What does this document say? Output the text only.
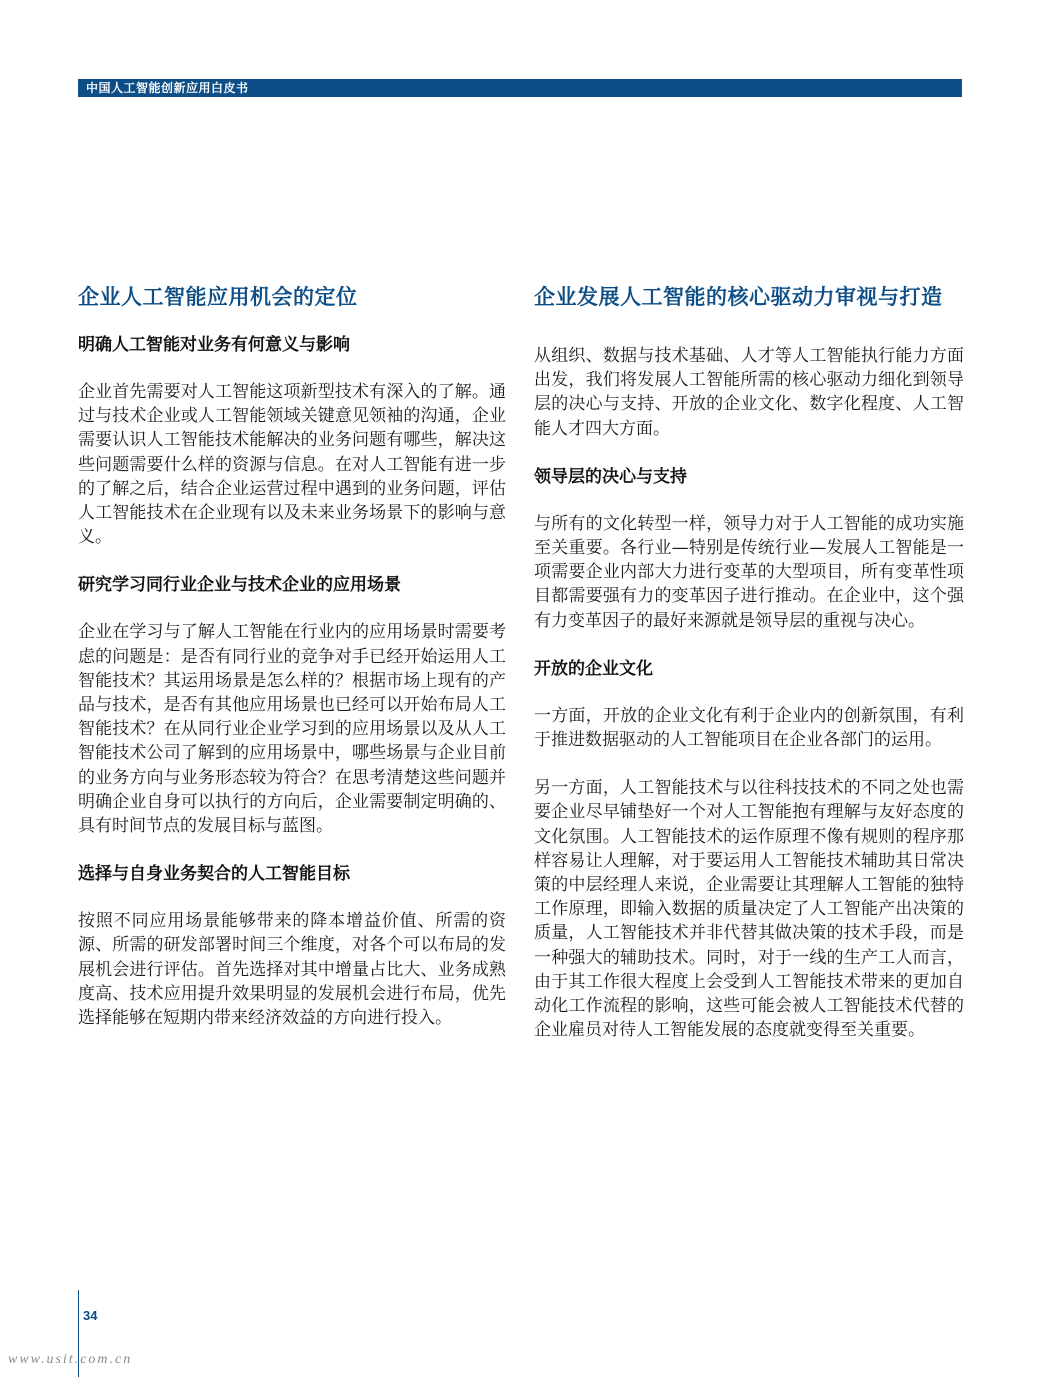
中国人工智能创新应用白皮书
企业人工智能应用机会的定位
明确人工智能对业务有何意义与影响

企业首先需要对人工智能这项新型技术有深入的了解。通过与技术企业或人工智能领域关键意见领袖的沟通，企业需要认识人工智能技术能解决的业务问题有哪些，解决这些问题需要什么样的资源与信息。在对人工智能有进一步的了解之后，结合企业运营过程中遇到的业务问题，评估人工智能技术在企业现有以及未来业务场景下的影响与意义。

研究学习同行业企业与技术企业的应用场景

企业在学习与了解人工智能在行业内的应用场景时需要考虑的问题是：是否有同行业的竞争对手已经开始运用人工智能技术？其运用场景是怎么样的？根据市场上现有的产品与技术，是否有其他应用场景也已经可以开始布局人工智能技术？在从同行业企业学习到的应用场景以及从人工智能技术公司了解到的应用场景中，哪些场景与企业目前的业务方向与业务形态较为符合？在思考清楚这些问题并明确企业自身可以执行的方向后，企业需要制定明确的、具有时间节点的发展目标与蓝图。

选择与自身业务契合的人工智能目标

按照不同应用场景能够带来的降本增益价值、所需的资源、所需的研发部署时间三个维度，对各个可以布局的发展机会进行评估。首先选择对其中增量占比大、业务成熟度高、技术应用提升效果明显的发展机会进行布局，优先选择能够在短期内带来经济效益的方向进行投入。

企业发展人工智能的核心驱动力审视与打造

从组织、数据与技术基础、人才等人工智能执行能力方面出发，我们将发展人工智能所需的核心驱动力细化到领导层的决心与支持、开放的企业文化、数字化程度、人工智能人才四大方面。

领导层的决心与支持

与所有的文化转型一样，领导力对于人工智能的成功实施至关重要。各行业—特别是传统行业—发展人工智能是一项需要企业内部大力进行变革的大型项目，所有变革性项目都需要强有力的变革因子进行推动。在企业中，这个强有力变革因子的最好来源就是领导层的重视与决心。

开放的企业文化

一方面，开放的企业文化有利于企业内的创新氛围，有利于推进数据驱动的人工智能项目在企业各部门的运用。

另一方面，人工智能技术与以往科技技术的不同之处也需要企业尽早铺垫好一个对人工智能抱有理解与友好态度的文化氛围。人工智能技术的运作原理不像有规则的程序那样容易让人理解，对于要运用人工智能技术辅助其日常决策的中层经理人来说，企业需要让其理解人工智能的独特工作原理，即输入数据的质量决定了人工智能产出决策的质量，人工智能技术并非代替其做决策的技术手段，而是一种强大的辅助技术。同时，对于一线的生产工人而言，由于其工作很大程度上会受到人工智能技术带来的更加自动化工作流程的影响，这些可能会被人工智能技术代替的企业雇员对待人工智能发展的态度就变得至关重要。

34
www.usit.com.cn
